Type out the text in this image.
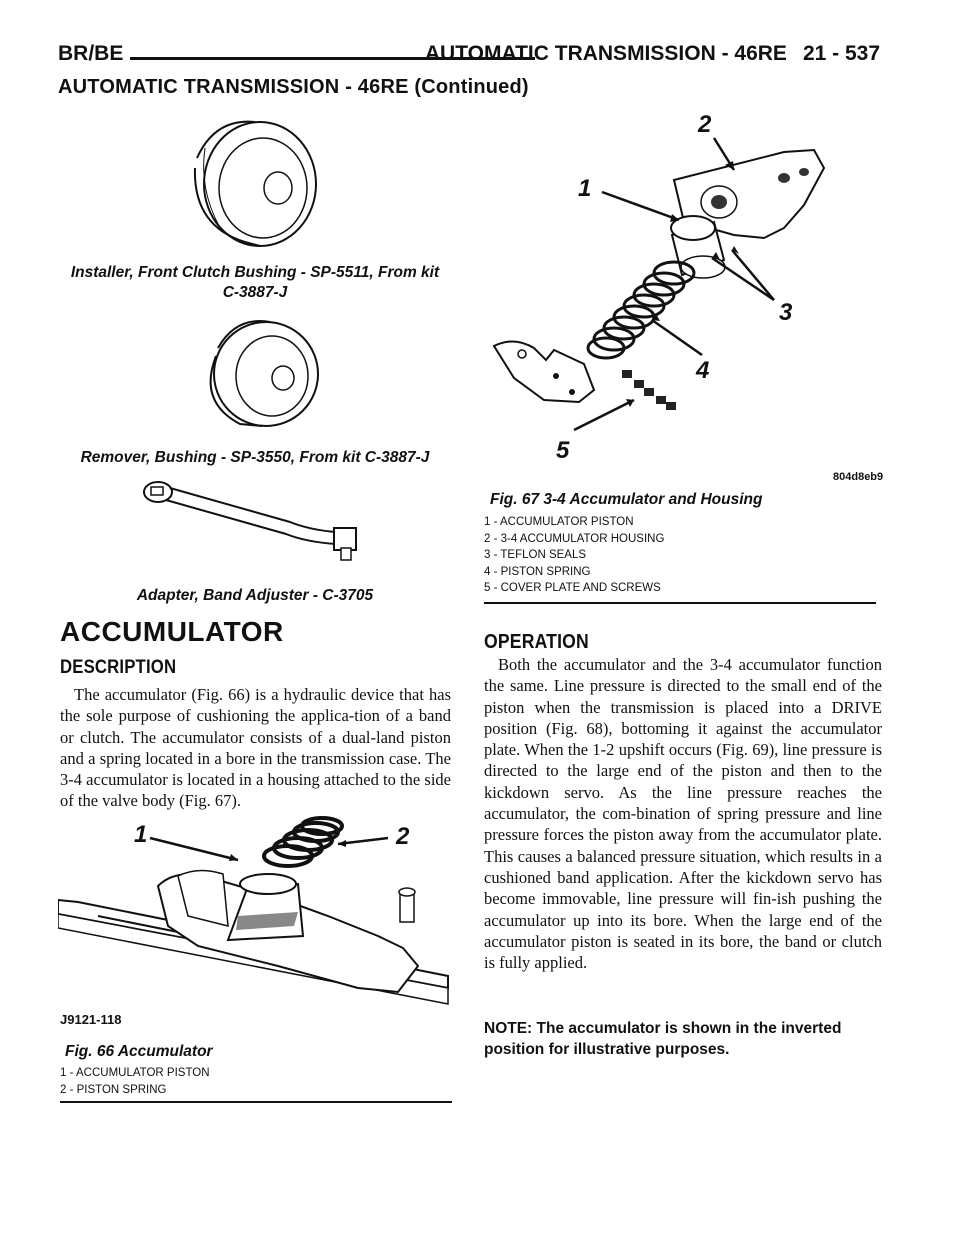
BR/BE	AUTOMATIC TRANSMISSION - 46RE 21 - 537
AUTOMATIC TRANSMISSION - 46RE (Continued)
Installer, Front Clutch Bushing - SP-5511, From kit
C-3887-J
Remover, Bushing - SP-3550, From kit C-3887-J
Adapter, Band Adjuster - C-3705
2
1
3
4
5
804d8eb9
Fig. 67 3-4 Accumulator and Housing
1 - ACCUMULATOR PISTON
2 - 3-4 ACCUMULATOR HOUSING
3 - TEFLON SEALS
4 - PISTON SPRING
5 - COVER PLATE AND SCREWS
ACCUMULATOR
DESCRIPTION

The accumulator (Fig. 66) is a hydraulic device that has the sole purpose of cushioning the applica-tion of a band or clutch. The accumulator consists of a dual-land piston and a spring located in a bore in the transmission case. The 3-4 accumulator is located in a housing attached to the side of the valve body (Fig. 67).

1	2
J9121-118
Fig. 66 Accumulator
1 - ACCUMULATOR PISTON
2 - PISTON SPRING
OPERATION

Both the accumulator and the 3-4 accumulator function the same. Line pressure is directed to the small end of the piston when the transmission is placed into a DRIVE position (Fig. 68), bottoming it against the accumulator plate. When the 1-2 upshift occurs (Fig. 69), line pressure is directed to the large end of the piston and then to the kickdown servo. As the line pressure reaches the accumulator, the com-bination of spring pressure and line pressure forces the piston away from the accumulator plate. This causes a balanced pressure situation, which results in a cushioned band application. After the kickdown servo has become immovable, line pressure will fin-ish pushing the accumulator up into its bore. When the large end of the accumulator piston is seated in its bore, the band or clutch is fully applied.

NOTE: The accumulator is shown in the inverted position for illustrative purposes.
